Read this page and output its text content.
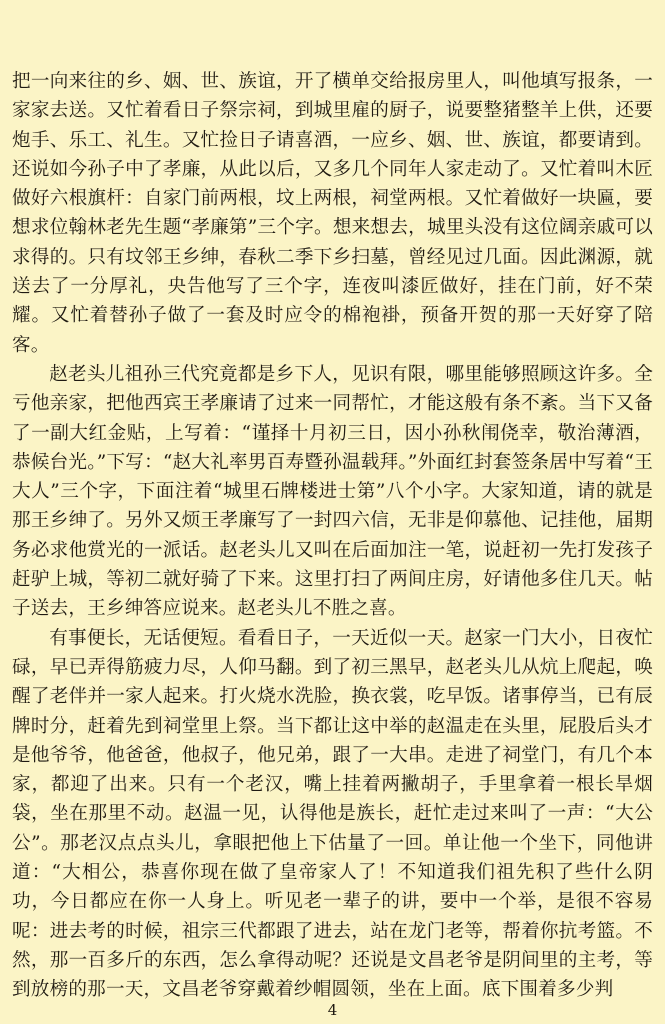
把一向来往的乡、姻、世、族谊，开了横单交给报房里人，叫他填写报条，一家家去送。又忙着看日子祭宗祠，到城里雇的厨子，说要整猪整羊上供，还要炮手、乐工、礼生。又忙捡日子请喜酒，一应乡、姻、世、族谊，都要请到。还说如今孙子中了孝廉，从此以后，又多几个同年人家走动了。又忙着叫木匠做好六根旗杆：自家门前两根，坟上两根，祠堂两根。又忙着做好一块匾，要想求位翰林老先生题“孝廉第”三个字。想来想去，城里头没有这位阔亲戚可以求得的。只有坟邻王乡绅，春秋二季下乡扫墓，曾经见过几面。因此渊源，就送去了一分厚礼，央告他写了三个字，连夜叫漆匠做好，挂在门前，好不荣耀。又忙着替孙子做了一套及时应令的棉袍褂，预备开贺的那一天好穿了陪客。

赵老头儿祖孙三代究竟都是乡下人，见识有限，哪里能够照顾这许多。全亏他亲家，把他西宾王孝廉请了过来一同帮忙，才能这般有条不紊。当下又备了一副大红金贴，上写着：“谨择十月初三日，因小孙秋闱侥幸，敬治薄酒，恭候台光。”下写：“赵大礼率男百寿暨孙温载拜。”外面红封套签条居中写着“王大人”三个字，下面注着“城里石牌楼进士第”八个小字。大家知道，请的就是那王乡绅了。另外又烦王孝廉写了一封四六信，无非是仰慕他、记挂他，届期务必求他赏光的一派话。赵老头儿又叫在后面加注一笔，说赶初一先打发孩子赶驴上城，等初二就好骑了下来。这里打扫了两间庄房，好请他多住几天。帖子送去，王乡绅答应说来。赵老头儿不胜之喜。

有事便长，无话便短。看看日子，一天近似一天。赵家一门大小，日夜忙碌，早已弄得筋疲力尽，人仰马翻。到了初三黑早，赵老头儿从炕上爬起，唤醒了老伴并一家人起来。打火烧水洗脸，换衣裳，吃早饭。诸事停当，已有辰牌时分，赶着先到祠堂里上祭。当下都让这中举的赵温走在头里，屁股后头才是他爷爷，他爸爸，他叔子，他兄弟，跟了一大串。走进了祠堂门，有几个本家，都迎了出来。只有一个老汉，嘴上挂着两撇胡子，手里拿着一根长旱烟袋，坐在那里不动。赵温一见，认得他是族长，赶忙走过来叫了一声：“大公公”。那老汉点点头儿，拿眼把他上下估量了一回。单让他一个坐下，同他讲道：“大相公，恭喜你现在做了皇帝家人了！不知道我们祖先积了些什么阴功，今日都应在你一人身上。听见老一辈子的讲，要中一个举，是很不容易呢：进去考的时候，祖宗三代都跟了进去，站在龙门老等，帮着你抗考篮。不然，那一百多斤的东西，怎么拿得动呢？还说是文昌老爷是阴间里的主考，等到放榜的那一天，文昌老爷穿戴着纱帽圆领，坐在上面。底下围着多少判

4
